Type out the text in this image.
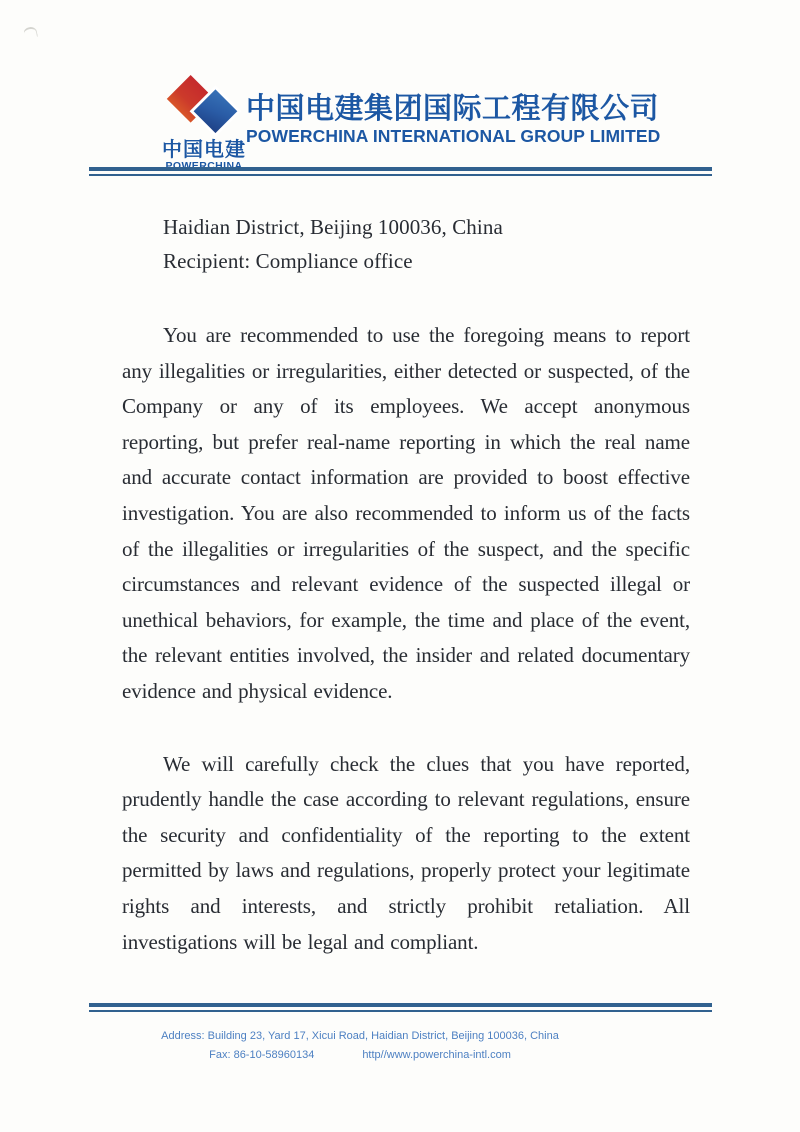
中国电建
POWERCHINA
中国电建集团国际工程有限公司
POWERCHINA INTERNATIONAL GROUP LIMITED
Haidian District, Beijing 100036, China
Recipient: Compliance office

You are recommended to use the foregoing means to report any illegalities or irregularities, either detected or suspected, of the Company or any of its employees. We accept anonymous reporting, but prefer real-name reporting in which the real name and accurate contact information are provided to boost effective investigation. You are also recommended to inform us of the facts of the illegalities or irregularities of the suspect, and the specific circumstances and relevant evidence of the suspected illegal or unethical behaviors, for example, the time and place of the event, the relevant entities involved, the insider and related documentary evidence and physical evidence.

We will carefully check the clues that you have reported, prudently handle the case according to relevant regulations, ensure the security and confidentiality of the reporting to the extent permitted by laws and regulations, properly protect your legitimate rights and interests, and strictly prohibit retaliation. All investigations will be legal and compliant.

Address: Building 23, Yard 17, Xicui Road, Haidian District, Beijing 100036, China
Fax: 86-10-58960134	http//www.powerchina-intl.com
